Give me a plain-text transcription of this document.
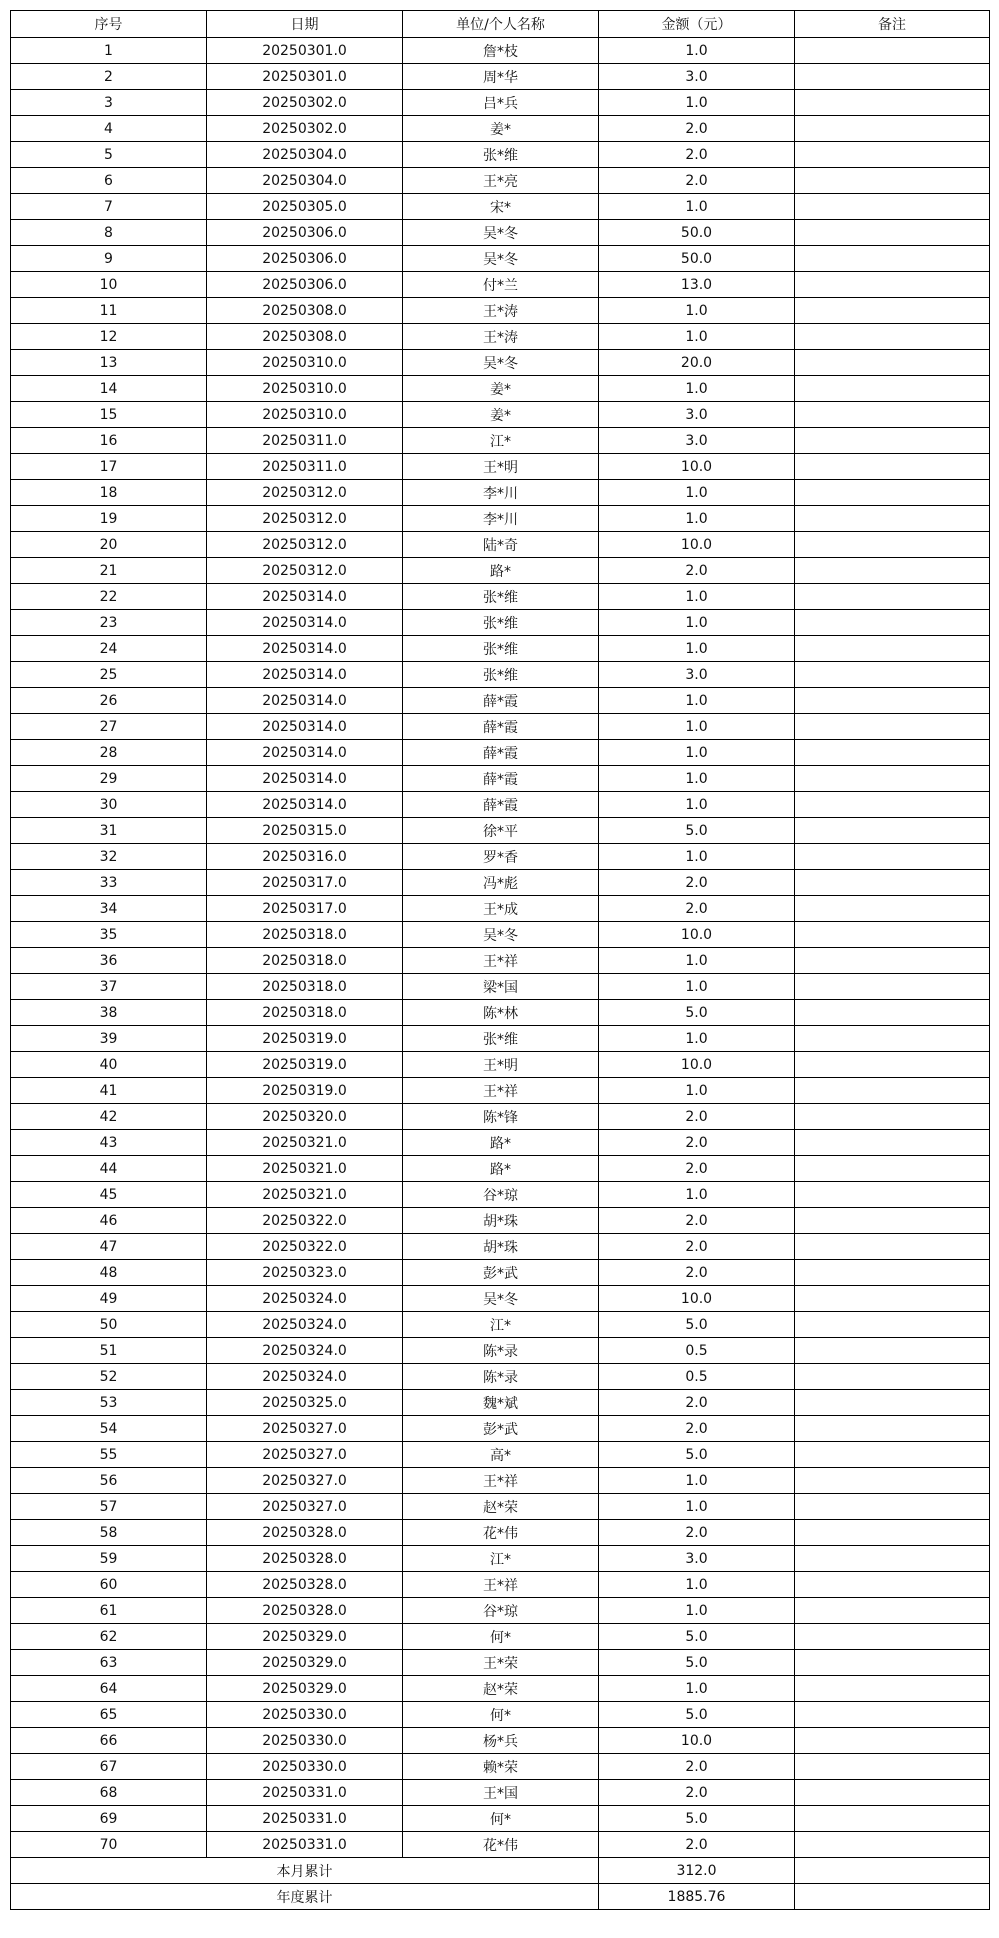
序号	日期	单位/个人名称	金额（元）	备注
1	20250301.0	詹*枝	1.0	
2	20250301.0	周*华	3.0	
3	20250302.0	吕*兵	1.0	
4	20250302.0	姜*	2.0	
5	20250304.0	张*维	2.0	
6	20250304.0	王*亮	2.0	
7	20250305.0	宋*	1.0	
8	20250306.0	吴*冬	50.0	
9	20250306.0	吴*冬	50.0	
10	20250306.0	付*兰	13.0	
11	20250308.0	王*涛	1.0	
12	20250308.0	王*涛	1.0	
13	20250310.0	吴*冬	20.0	
14	20250310.0	姜*	1.0	
15	20250310.0	姜*	3.0	
16	20250311.0	江*	3.0	
17	20250311.0	王*明	10.0	
18	20250312.0	李*川	1.0	
19	20250312.0	李*川	1.0	
20	20250312.0	陆*奇	10.0	
21	20250312.0	路*	2.0	
22	20250314.0	张*维	1.0	
23	20250314.0	张*维	1.0	
24	20250314.0	张*维	1.0	
25	20250314.0	张*维	3.0	
26	20250314.0	薛*霞	1.0	
27	20250314.0	薛*霞	1.0	
28	20250314.0	薛*霞	1.0	
29	20250314.0	薛*霞	1.0	
30	20250314.0	薛*霞	1.0	
31	20250315.0	徐*平	5.0	
32	20250316.0	罗*香	1.0	
33	20250317.0	冯*彪	2.0	
34	20250317.0	王*成	2.0	
35	20250318.0	吴*冬	10.0	
36	20250318.0	王*祥	1.0	
37	20250318.0	梁*国	1.0	
38	20250318.0	陈*林	5.0	
39	20250319.0	张*维	1.0	
40	20250319.0	王*明	10.0	
41	20250319.0	王*祥	1.0	
42	20250320.0	陈*锋	2.0	
43	20250321.0	路*	2.0	
44	20250321.0	路*	2.0	
45	20250321.0	谷*琼	1.0	
46	20250322.0	胡*珠	2.0	
47	20250322.0	胡*珠	2.0	
48	20250323.0	彭*武	2.0	
49	20250324.0	吴*冬	10.0	
50	20250324.0	江*	5.0	
51	20250324.0	陈*录	0.5	
52	20250324.0	陈*录	0.5	
53	20250325.0	魏*斌	2.0	
54	20250327.0	彭*武	2.0	
55	20250327.0	高*	5.0	
56	20250327.0	王*祥	1.0	
57	20250327.0	赵*荣	1.0	
58	20250328.0	花*伟	2.0	
59	20250328.0	江*	3.0	
60	20250328.0	王*祥	1.0	
61	20250328.0	谷*琼	1.0	
62	20250329.0	何*	5.0	
63	20250329.0	王*荣	5.0	
64	20250329.0	赵*荣	1.0	
65	20250330.0	何*	5.0	
66	20250330.0	杨*兵	10.0	
67	20250330.0	赖*荣	2.0	
68	20250331.0	王*国	2.0	
69	20250331.0	何*	5.0	
70	20250331.0	花*伟	2.0	
本月累计			312.0	
年度累计			1885.76	
